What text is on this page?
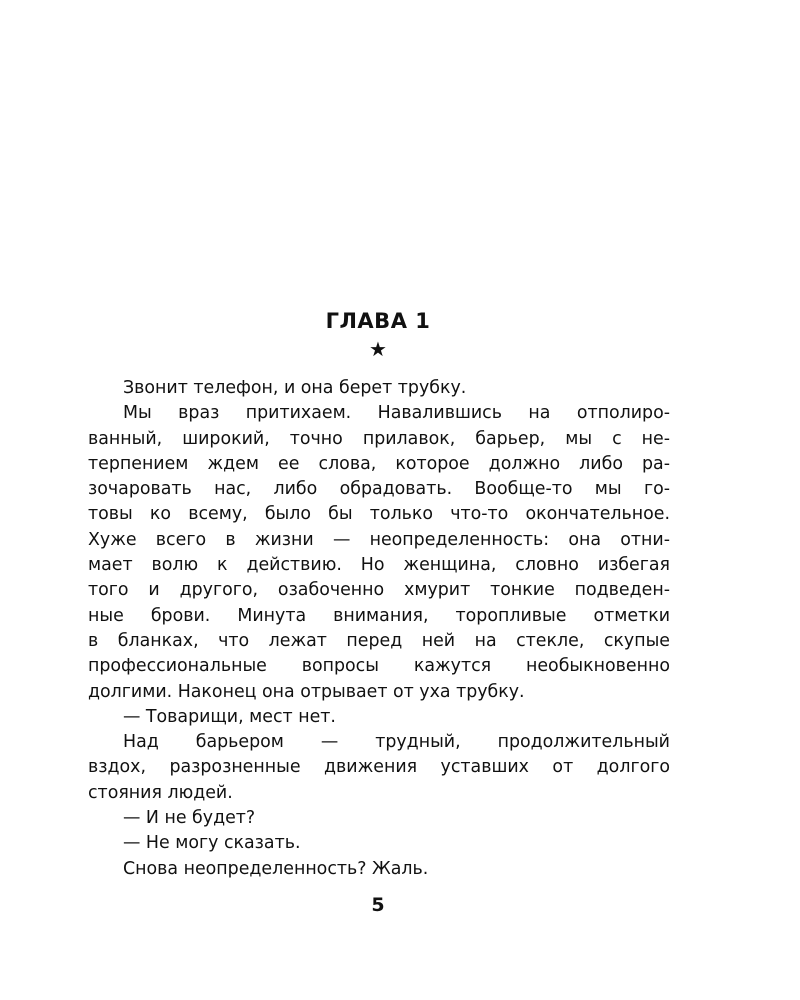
ГЛАВА 1
★
Звонит телефон, и она берет трубку.
Мы враз притихаем. Навалившись на отполиро-
ванный, широкий, точно прилавок, барьер, мы с не-
терпением ждем ее слова, которое должно либо ра-
зочаровать нас, либо обрадовать. Вообще-то мы го-
товы ко всему, было бы только что-то окончательное.
Хуже всего в жизни — неопределенность: она отни-
мает волю к действию. Но женщина, словно избегая
того и другого, озабоченно хмурит тонкие подведен-
ные брови. Минута внимания, торопливые отметки
в бланках, что лежат перед ней на стекле, скупые
профессиональные вопросы кажутся необыкновенно
долгими. Наконец она отрывает от уха трубку.
— Товарищи, мест нет.
Над барьером — трудный, продолжительный
вздох, разрозненные движения уставших от долгого
стояния людей.
— И не будет?
— Не могу сказать.
Снова неопределенность? Жаль.
5
